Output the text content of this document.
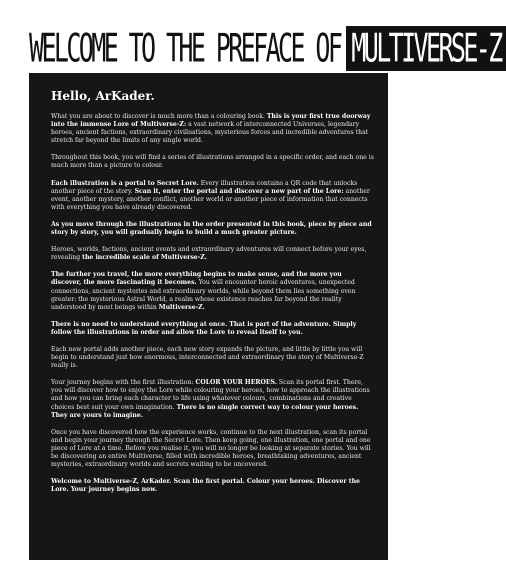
WELCOME TO THE PREFACE OF MULTIVERSE-Z
Hello, ArKader.

What you are about to discover is much more than a colouring book. This is your first true doorway into the immense Lore of Multiverse-Z: a vast network of interconnected Universes, legendary heroes, ancient factions, extraordinary civilisations, mysterious forces and incredible adventures that stretch far beyond the limits of any single world.

Throughout this book, you will find a series of illustrations arranged in a specific order, and each one is much more than a picture to colour.

Each illustration is a portal to Secret Lore. Every illustration contains a QR code that unlocks another piece of the story. Scan it, enter the portal and discover a new part of the Lore: another event, another mystery, another conflict, another world or another piece of information that connects with everything you have already discovered.

As you move through the illustrations in the order presented in this book, piece by piece and story by story, you will gradually begin to build a much greater picture.

Heroes, worlds, factions, ancient events and extraordinary adventures will connect before your eyes, revealing the incredible scale of Multiverse-Z.

The further you travel, the more everything begins to make sense, and the more you discover, the more fascinating it becomes. You will encounter heroic adventures, unexpected connections, ancient mysteries and extraordinary worlds, while beyond them lies something even greater: the mysterious Astral World, a realm whose existence reaches far beyond the reality understood by most beings within Multiverse-Z.

There is no need to understand everything at once. That is part of the adventure. Simply follow the illustrations in order and allow the Lore to reveal itself to you.

Each new portal adds another piece, each new story expands the picture, and little by little you will begin to understand just how enormous, interconnected and extraordinary the story of Multiverse-Z really is.

Your journey begins with the first illustration: COLOR YOUR HEROES. Scan its portal first. There, you will discover how to enjoy the Lore while colouring your heroes, how to approach the illustrations and how you can bring each character to life using whatever colours, combinations and creative choices best suit your own imagination. There is no single correct way to colour your heroes. They are yours to imagine.

Once you have discovered how the experience works, continue to the next illustration, scan its portal and begin your journey through the Secret Lore. Then keep going, one illustration, one portal and one piece of Lore at a time. Before you realise it, you will no longer be looking at separate stories. You will be discovering an entire Multiverse, filled with incredible heroes, breathtaking adventures, ancient mysteries, extraordinary worlds and secrets waiting to be uncovered.

Welcome to Multiverse-Z, ArKader. Scan the first portal. Colour your heroes. Discover the Lore. Your journey begins now.
